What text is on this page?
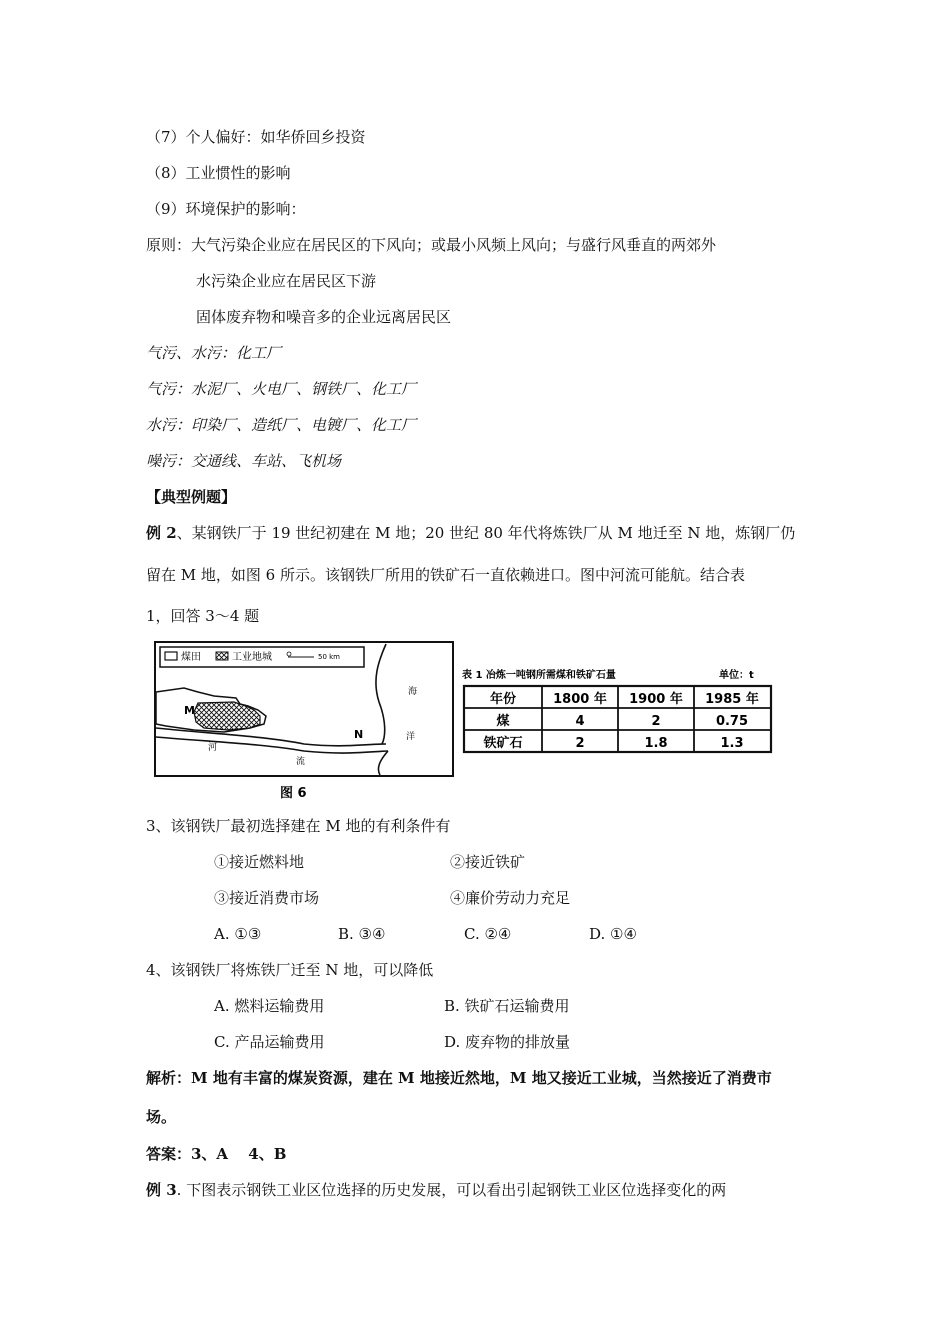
（7）个人偏好：如华侨回乡投资
（8）工业惯性的影响
（9）环境保护的影响：
原则：大气污染企业应在居民区的下风向；或最小风频上风向；与盛行风垂直的两郊外
水污染企业应在居民区下游
固体废弃物和噪音多的企业远离居民区
气污、水污：化工厂
气污：水泥厂、火电厂、钢铁厂、化工厂
水污：印染厂、造纸厂、电镀厂、化工厂
噪污：交通线、车站、飞机场
【典型例题】
例 2、某钢铁厂于 19 世纪初建在 M 地；20 世纪 80 年代将炼铁厂从 M 地迁至 N 地，炼钢厂仍
留在 M 地，如图 6 所示。该钢铁厂所用的铁矿石一直依赖进口。图中河流可能航。结合表
1，回答 3～4 题
煤田	工业地城	50 km
M
N
河
流
海
洋
图 6
表 1 冶炼一吨钢所需煤和铁矿石量	单位：t
年份	1800 年 1900 年 1985 年
煤	4	2	0.75
铁矿石	2	1.8	1.3
3、该钢铁厂最初选择建在 M 地的有利条件有
①接近燃料地	②接近铁矿
③接近消费市场	④廉价劳动力充足
A. ①③	B. ③④	C. ②④	D. ①④
4、该钢铁厂将炼铁厂迁至 N 地，可以降低
A. 燃料运输费用	B. 铁矿石运输费用
C. 产品运输费用	D. 废弃物的排放量
解析：M 地有丰富的煤炭资源，建在 M 地接近然地，M 地又接近工业城，当然接近了消费市
场。
答案：3、A　 4、B
例 3. 下图表示钢铁工业区位选择的历史发展，可以看出引起钢铁工业区位选择变化的两
